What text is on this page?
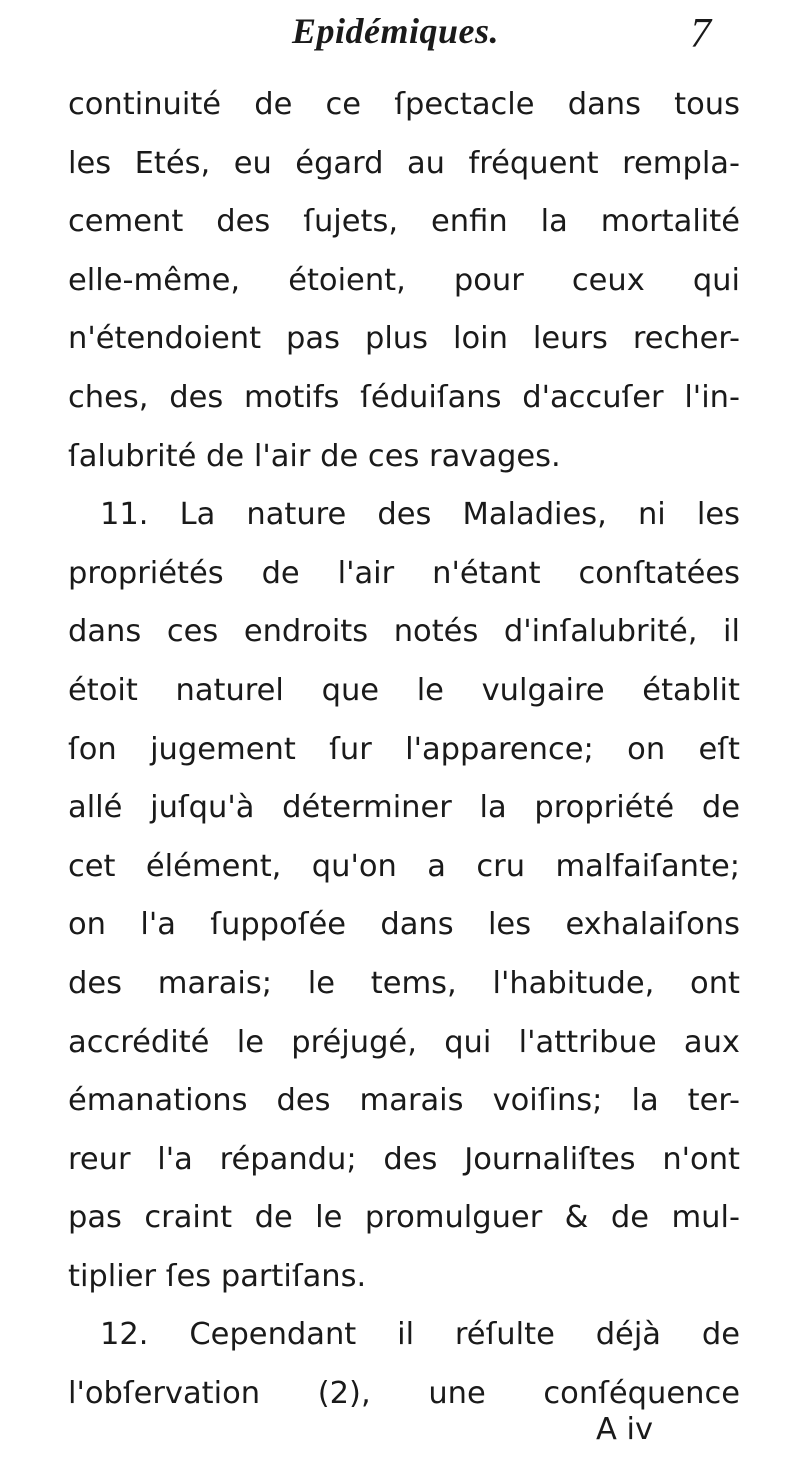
Epidémiques.	7
continuité de ce ſpectacle dans tous
les Etés, eu égard au fréquent rempla-
cement des ſujets, enfin la mortalité
elle-même, étoient, pour ceux qui
n'étendoient pas plus loin leurs recher-
ches, des motifs ſéduiſans d'accuſer l'in-
ſalubrité de l'air de ces ravages.
11. La nature des Maladies, ni les
propriétés de l'air n'étant conſtatées
dans ces endroits notés d'inſalubrité, il
étoit naturel que le vulgaire établit
ſon jugement ſur l'apparence; on eſt
allé juſqu'à déterminer la propriété de
cet élément, qu'on a cru malfaiſante;
on l'a ſuppoſée dans les exhalaiſons
des marais; le tems, l'habitude, ont
accrédité le préjugé, qui l'attribue aux
émanations des marais voiſins; la ter-
reur l'a répandu; des Journaliſtes n'ont
pas craint de le promulguer & de mul-
tiplier ſes partiſans.
12. Cependant il réſulte déjà de
l'obſervation (2), une conſéquence
A iv
